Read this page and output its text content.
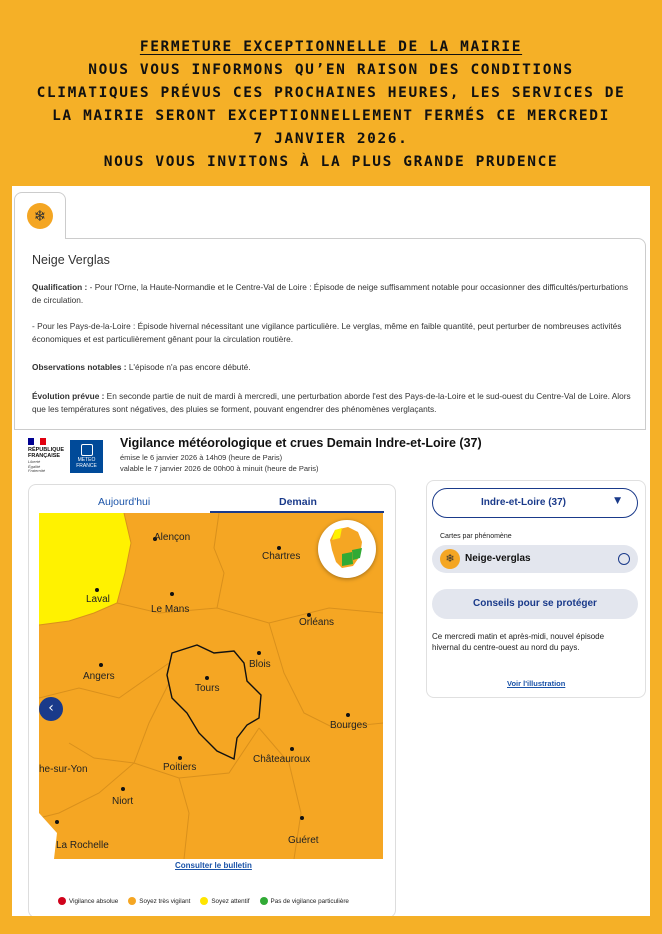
FERMETURE EXCEPTIONNELLE DE LA MAIRIE
NOUS VOUS INFORMONS QU’EN RAISON DES CONDITIONS
CLIMATIQUES PRÉVUS CES PROCHAINES HEURES, LES SERVICES DE
LA MAIRIE SERONT EXCEPTIONNELLEMENT FERMÉS CE MERCREDI
7 JANVIER 2026.
NOUS VOUS INVITONS À LA PLUS GRANDE PRUDENCE
❄
Neige Verglas
Qualification : - Pour l'Orne, la Haute-Normandie et le Centre-Val de Loire : Épisode de neige suffisamment notable pour occasionner des difficultés/perturbations de circulation.
- Pour les Pays-de-la-Loire : Épisode hivernal nécessitant une vigilance particulière. Le verglas, même en faible quantité, peut perturber de nombreuses activités économiques et est particulièrement gênant pour la circulation routière.
Observations notables : L'épisode n'a pas encore débuté.
Évolution prévue : En seconde partie de nuit de mardi à mercredi, une perturbation aborde l'est des Pays-de-la-Loire et le sud-ouest du Centre-Val de Loire. Alors que les températures sont négatives, des pluies se forment, pouvant engendrer des phénomènes verglaçants.
RÉPUBLIQUE
FRANÇAISE
Liberté
Égalité
Fraternité
METEO
FRANCE
Vigilance météorologique et crues Demain Indre-et-Loire (37)
émise le 6 janvier 2026 à 14h09 (heure de Paris)
valable le 7 janvier 2026 de 00h00 à minuit (heure de Paris)
Aujourd'hui	Demain
Alençon
Chartres
Laval
Le Mans
Orléans
Angers
Tours
Blois
Bourges
Châteauroux
Poitiers
he-sur-Yon
Niort
La Rochelle	Guéret
‹
Consulter le bulletin
Vigilance absolue	Soyez très vigilant	Soyez attentif	Pas de vigilance particulière
Indre-et-Loire (37)	▼
Cartes par phénomène
❄	Neige-verglas
Conseils pour se protéger
Ce mercredi matin et après-midi, nouvel épisode hivernal du centre-ouest au nord du pays.
Voir l'illustration
